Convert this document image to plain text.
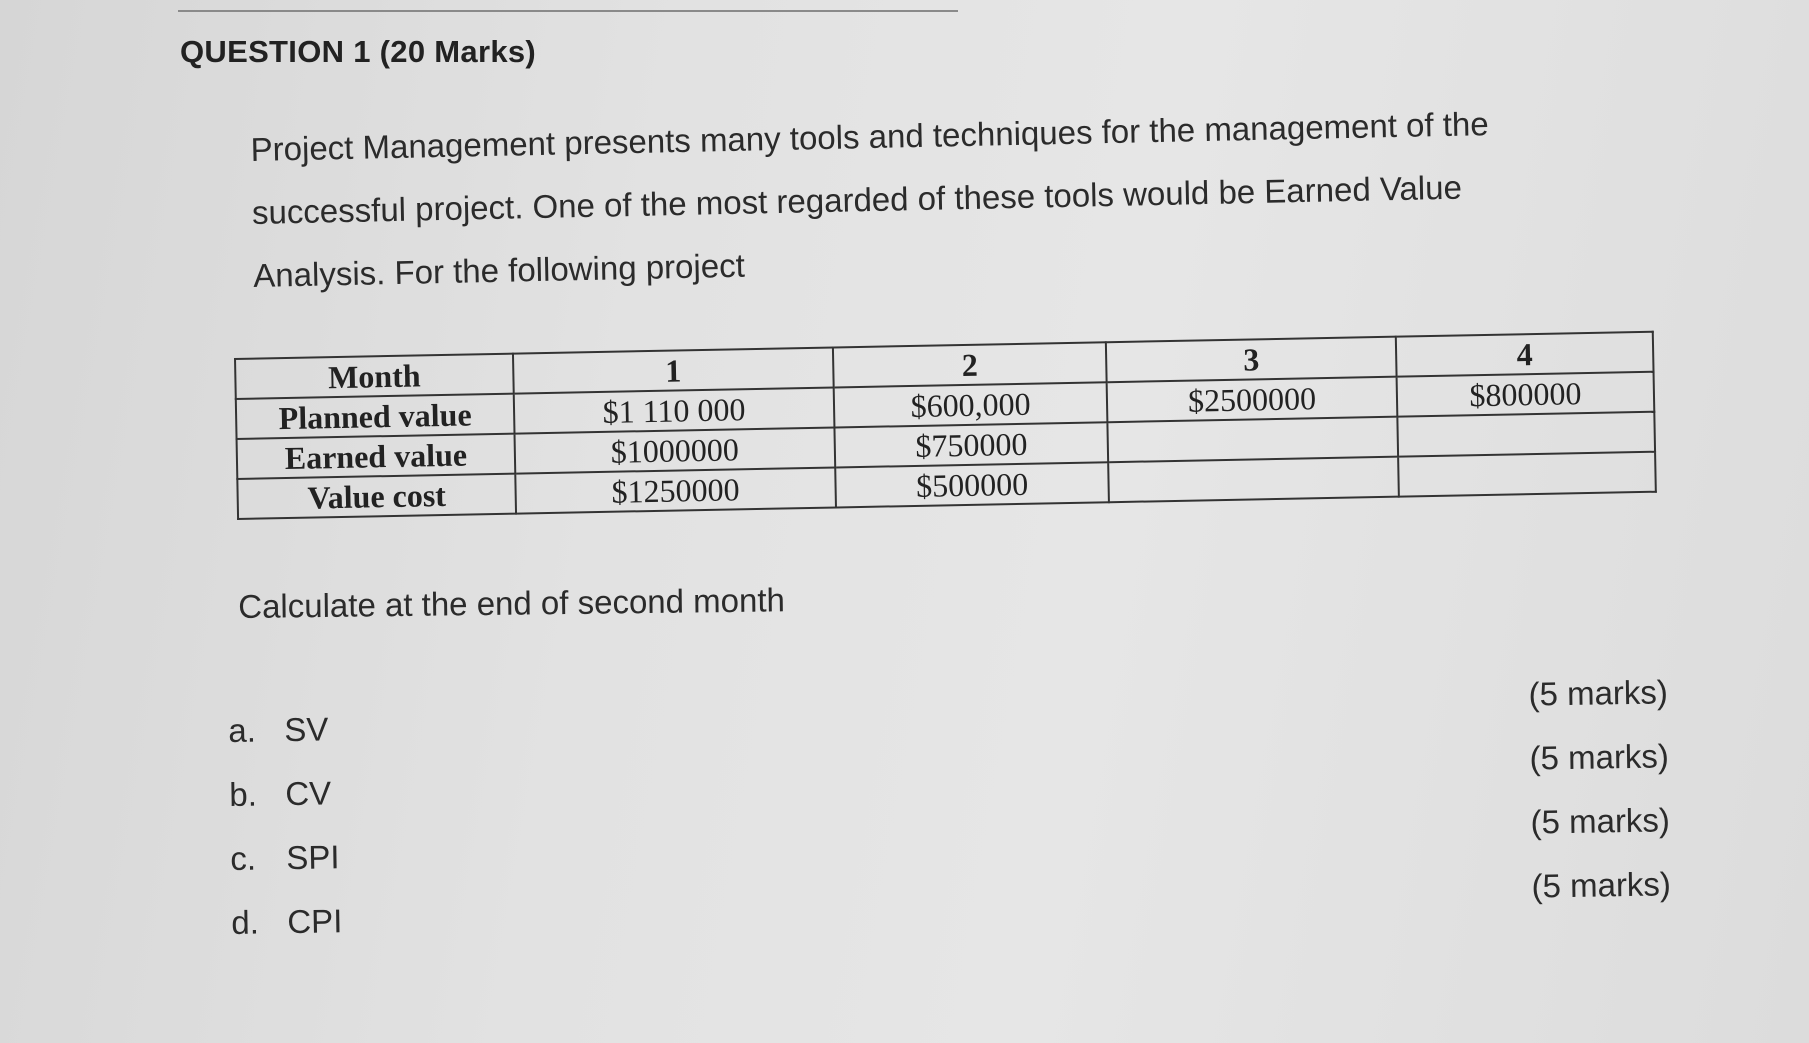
QUESTION 1 (20 Marks)

Project Management presents many tools and techniques for the management of the

successful project. One of the most regarded of these tools would be Earned Value

Analysis. For the following project

Month	1	2	3	4
Planned value	$1 110 000	$600,000	$2500000	$800000
Earned value	$1000000	$750000		
Value cost	$1250000	$500000		
Calculate at the end of second month
a. SV
(5 marks)
b. CV
(5 marks)
c. SPI
(5 marks)
d. CPI
(5 marks)
